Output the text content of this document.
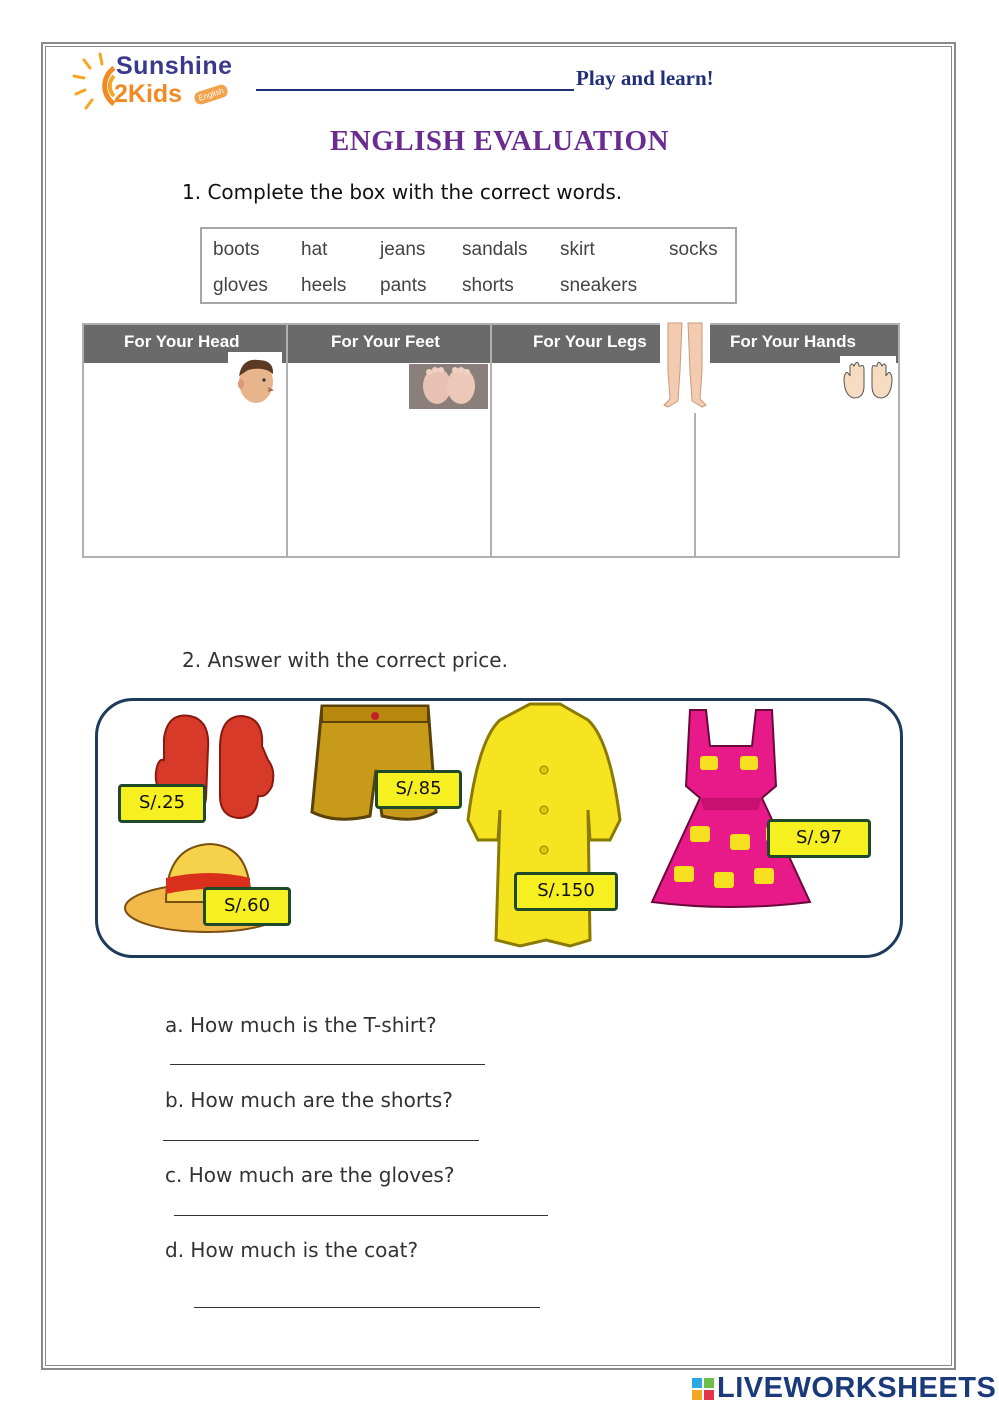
Sunshine
2Kids	English
Play and learn!
ENGLISH EVALUATION
1. Complete the box with the correct words.
boots hat	jeans sandals skirt	socks
gloves heels pants shorts sneakers
For Your Head	For Your Feet	For Your Legs	For Your Hands
2. Answer with the correct price.
S/.25
S/.85
S/.60
S/.150
S/.97
a. How much is the T-shirt?
b. How much are the shorts?
c. How much are the gloves?
d. How much is the coat?
LIVEWORKSHEETS
